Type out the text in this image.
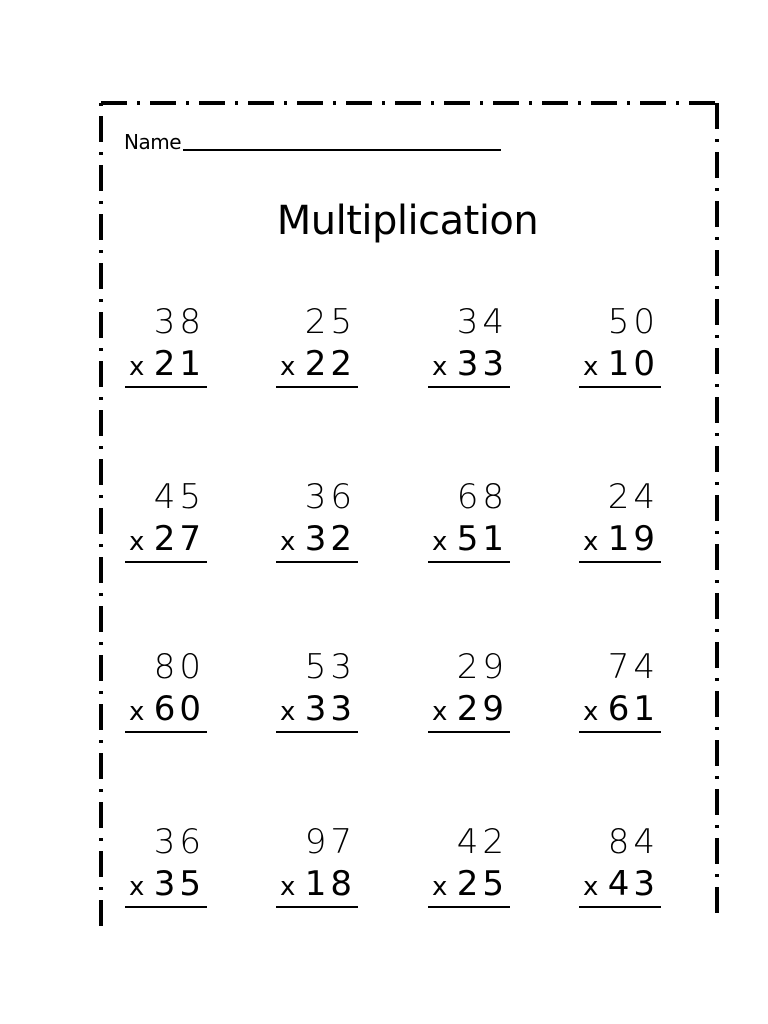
Name
Multiplication
38
x 21
25
x 22
34
x 33
50
x 10
45
x 27
36
x 32
68
x 51
24
x 19
80
x 60
53
x 33
29
x 29
74
x 61
36
x 35
97
x 18
42
x 25
84
x 43
